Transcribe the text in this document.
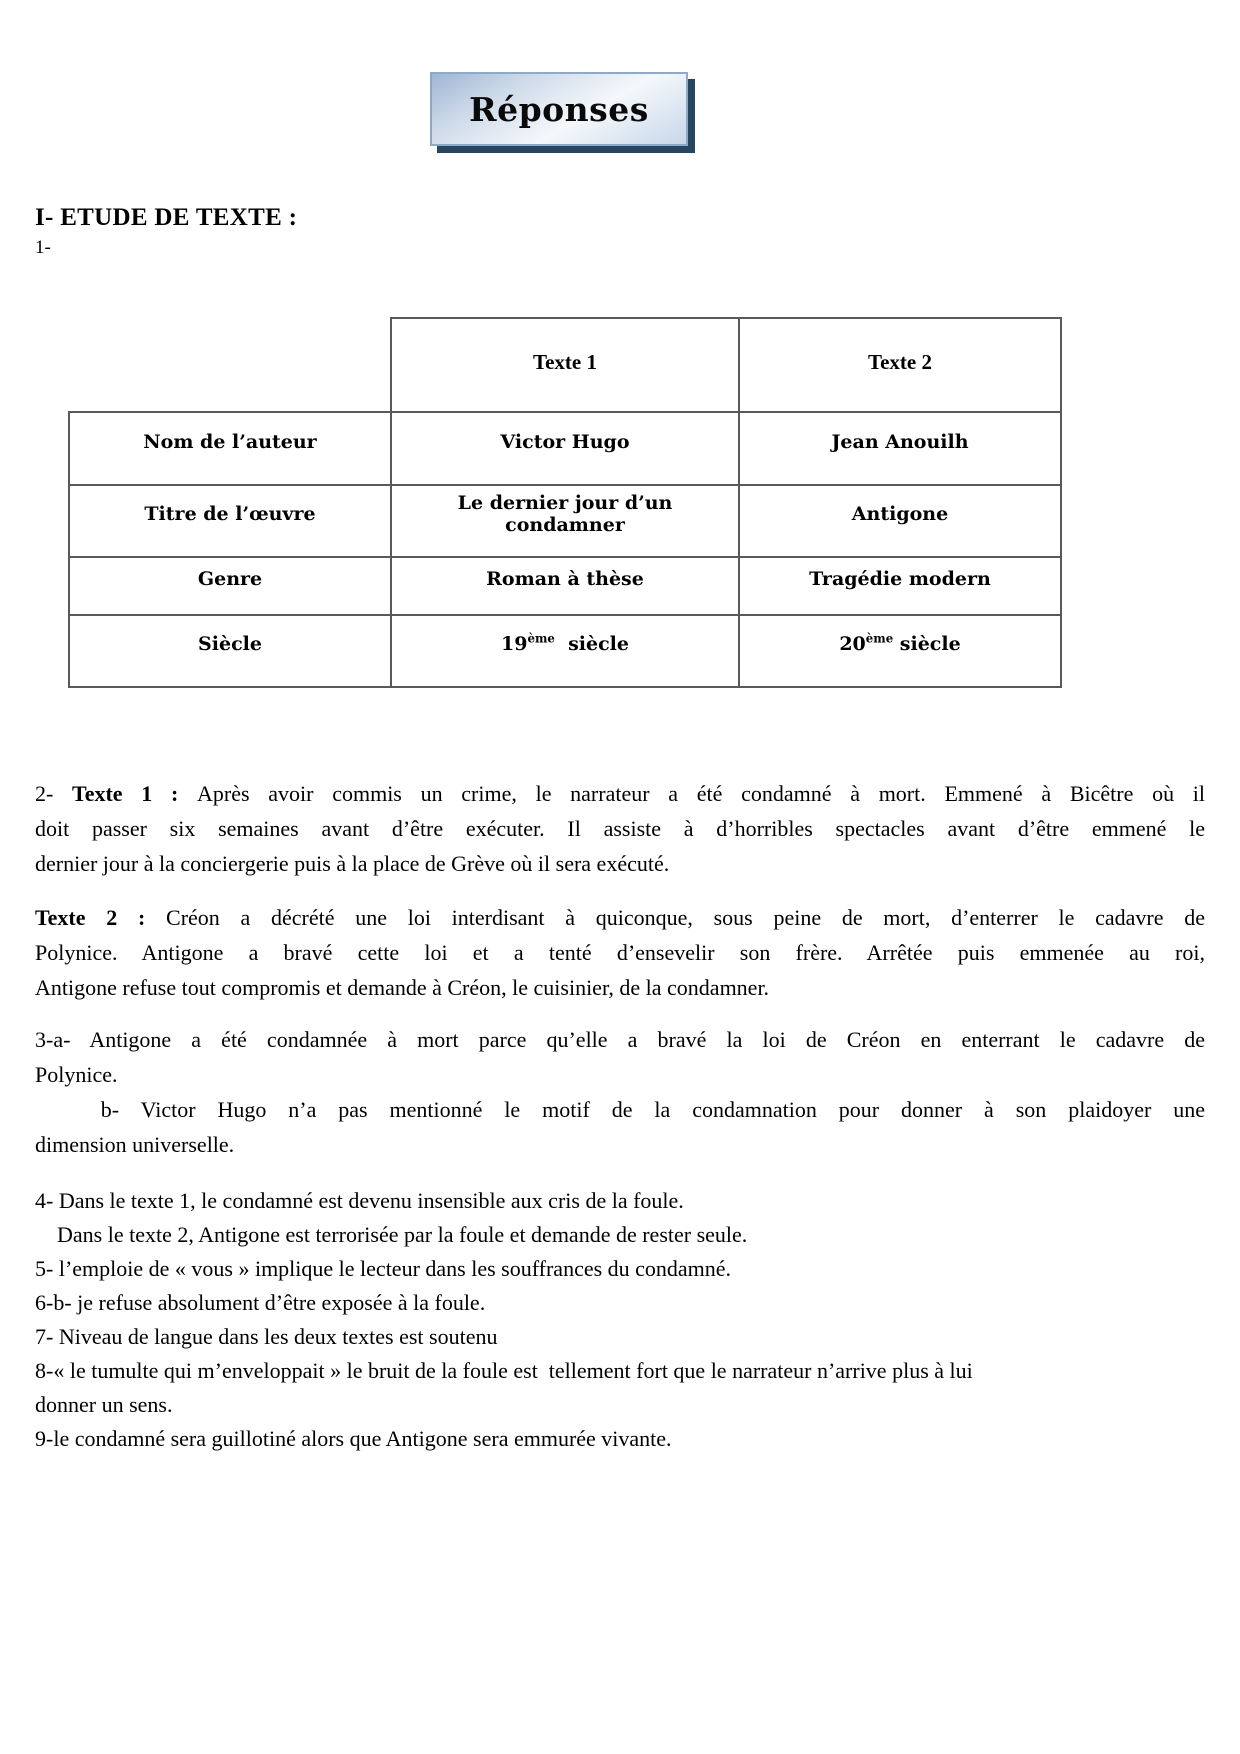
Réponses
I- ETUDE DE TEXTE :
1-
	Texte 1	Texte 2
Nom de l’auteur	Victor Hugo	Jean Anouilh
Titre de l’œuvre	Le dernier jour d’un condamner	Antigone
Genre	Roman à thèse	Tragédie modern
Siècle	19ème  siècle	20ème siècle
2- Texte 1 : Après avoir commis un crime, le narrateur a été condamné à mort. Emmené à Bicêtre où il
doit passer six semaines avant d’être exécuter. Il assiste à d’horribles spectacles avant d’être emmené le
dernier jour à la conciergerie puis à la place de Grève où il sera exécuté.
Texte 2 : Créon a décrété une loi interdisant à quiconque, sous peine de mort, d’enterrer le cadavre de
Polynice. Antigone a bravé cette loi et a tenté d’ensevelir son frère. Arrêtée puis emmenée au roi,
Antigone refuse tout compromis et demande à Créon, le cuisinier, de la condamner.
3-a- Antigone a été condamnée à mort parce qu’elle a bravé la loi de Créon en enterrant le cadavre de
Polynice.
b- Victor Hugo n’a pas mentionné le motif de la condamnation pour donner à son plaidoyer une
dimension universelle.
4- Dans le texte 1, le condamné est devenu insensible aux cris de la foule.
Dans le texte 2, Antigone est terrorisée par la foule et demande de rester seule.
5- l’emploie de « vous » implique le lecteur dans les souffrances du condamné.
6-b- je refuse absolument d’être exposée à la foule.
7- Niveau de langue dans les deux textes est soutenu
8-« le tumulte qui m’enveloppait » le bruit de la foule est  tellement fort que le narrateur n’arrive plus à lui
donner un sens.
9-le condamné sera guillotiné alors que Antigone sera emmurée vivante.
